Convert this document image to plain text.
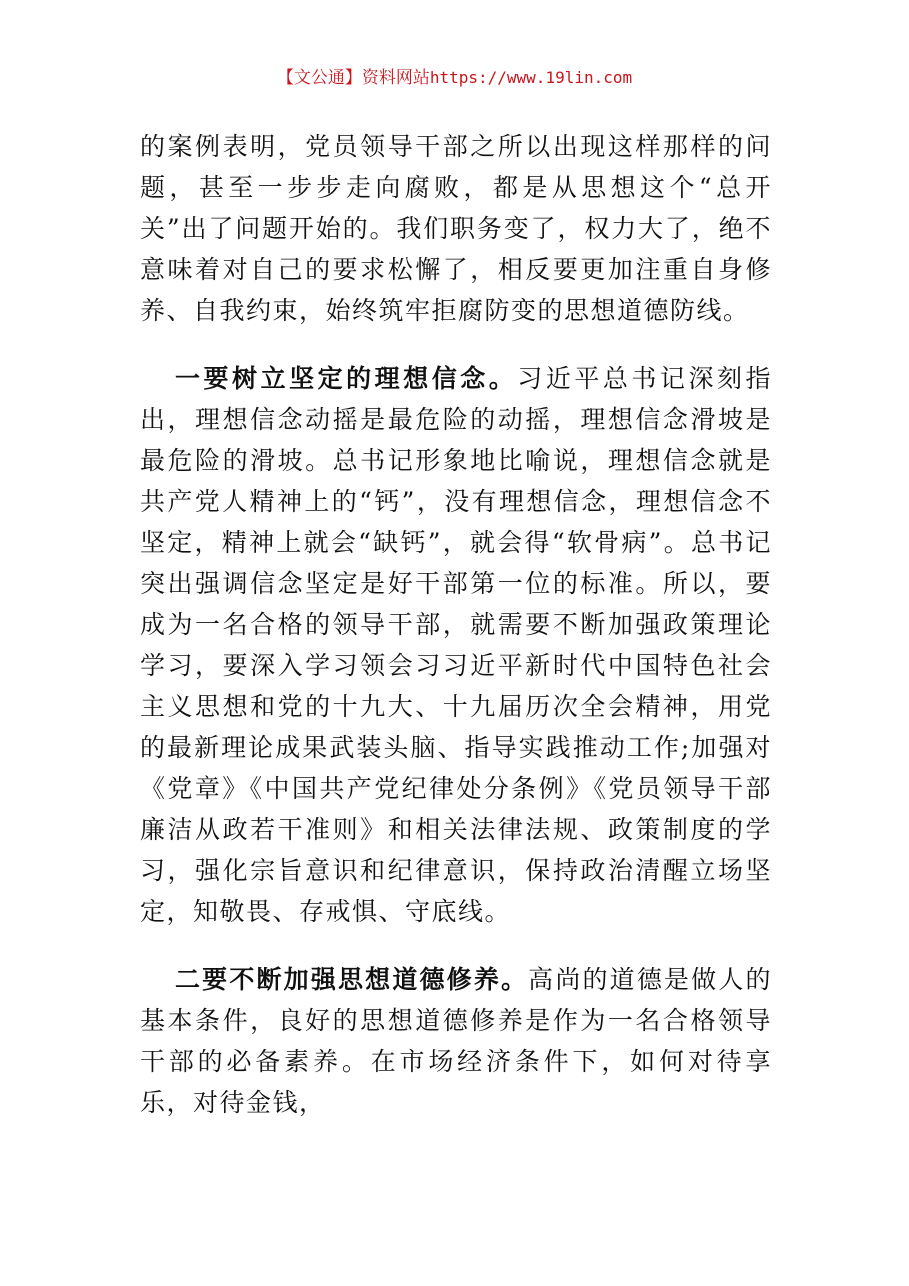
【文公通】资料网站https://www.19lin.com

的案例表明，党员领导干部之所以出现这样那样的问题，甚至一步步走向腐败，都是从思想这个“总开关”出了问题开始的。我们职务变了，权力大了，绝不意味着对自己的要求松懈了，相反要更加注重自身修养、自我约束，始终筑牢拒腐防变的思想道德防线。

一要树立坚定的理想信念。习近平总书记深刻指出，理想信念动摇是最危险的动摇，理想信念滑坡是最危险的滑坡。总书记形象地比喻说，理想信念就是共产党人精神上的“钙”，没有理想信念，理想信念不坚定，精神上就会“缺钙”，就会得“软骨病”。总书记突出强调信念坚定是好干部第一位的标准。所以，要成为一名合格的领导干部，就需要不断加强政策理论学习，要深入学习领会习习近平新时代中国特色社会主义思想和党的十九大、十九届历次全会精神，用党的最新理论成果武装头脑、指导实践推动工作;加强对《党章》《中国共产党纪律处分条例》《党员领导干部廉洁从政若干准则》和相关法律法规、政策制度的学习，强化宗旨意识和纪律意识，保持政治清醒立场坚定，知敬畏、存戒惧、守底线。

二要不断加强思想道德修养。高尚的道德是做人的基本条件，良好的思想道德修养是作为一名合格领导干部的必备素养。在市场经济条件下，如何对待享乐，对待金钱，
